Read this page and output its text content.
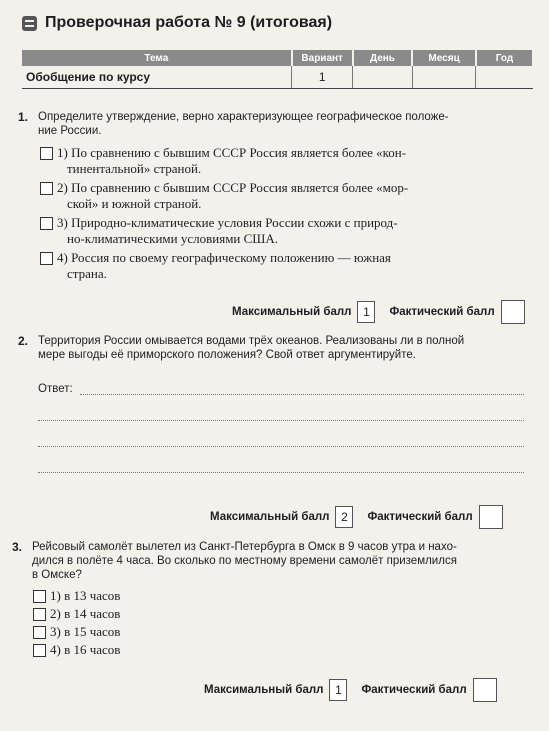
Проверочная работа № 9 (итоговая)
Тема	Вариант	День	Месяц	Год
Обобщение по курсу	1			
1. Определите утверждение, верно характеризующее географическое положе-
ние России.
1) По сравнению с бывшим СССР Россия является более «кон-
тинентальной» страной.
2) По сравнению с бывшим СССР Россия является более «мор-
ской» и южной страной.
3) Природно-климатические условия России схожи с природ-
но-климатическими условиями США.
4) Россия по своему географическому положению — южная
страна.
Максимальный балл 1	Фактический балл
2. Территория России омывается водами трёх океанов. Реализованы ли в полной
мере выгоды её приморского положения? Свой ответ аргументируйте.
Ответ:
Максимальный балл 2	Фактический балл
3. Рейсовый самолёт вылетел из Санкт-Петербурга в Омск в 9 часов утра и нахо-
дился в полёте 4 часа. Во сколько по местному времени самолёт приземлился
в Омске?
1) в 13 часов
2) в 14 часов
3) в 15 часов
4) в 16 часов
Максимальный балл 1	Фактический балл
